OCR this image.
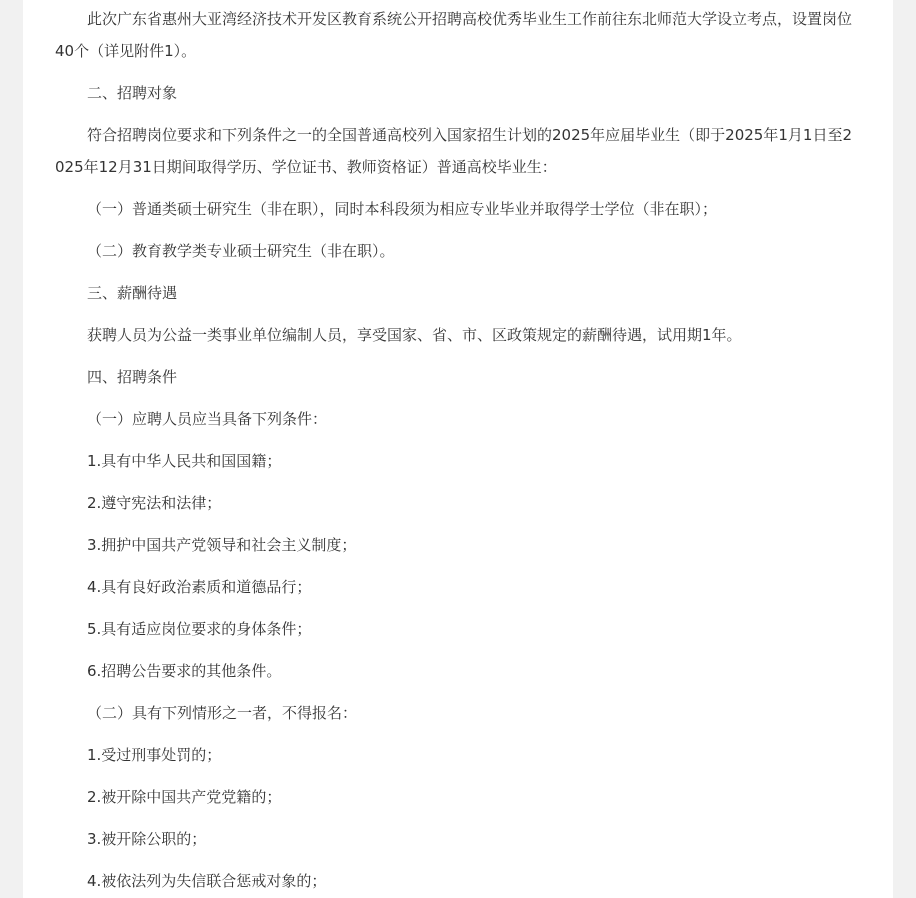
此次广东省惠州大亚湾经济技术开发区教育系统公开招聘高校优秀毕业生工作前往东北师范大学设立考点，设置岗位40个（详见附件1）。

二、招聘对象

符合招聘岗位要求和下列条件之一的全国普通高校列入国家招生计划的2025年应届毕业生（即于2025年1月1日至2025年12月31日期间取得学历、学位证书、教师资格证）普通高校毕业生：

（一）普通类硕士研究生（非在职），同时本科段须为相应专业毕业并取得学士学位（非在职）；

（二）教育教学类专业硕士研究生（非在职）。

三、薪酬待遇

获聘人员为公益一类事业单位编制人员，享受国家、省、市、区政策规定的薪酬待遇，试用期1年。

四、招聘条件

（一）应聘人员应当具备下列条件：

1.具有中华人民共和国国籍；

2.遵守宪法和法律；

3.拥护中国共产党领导和社会主义制度；

4.具有良好政治素质和道德品行；

5.具有适应岗位要求的身体条件；

6.招聘公告要求的其他条件。

（二）具有下列情形之一者，不得报名：

1.受过刑事处罚的；

2.被开除中国共产党党籍的；

3.被开除公职的；

4.被依法列为失信联合惩戒对象的；
